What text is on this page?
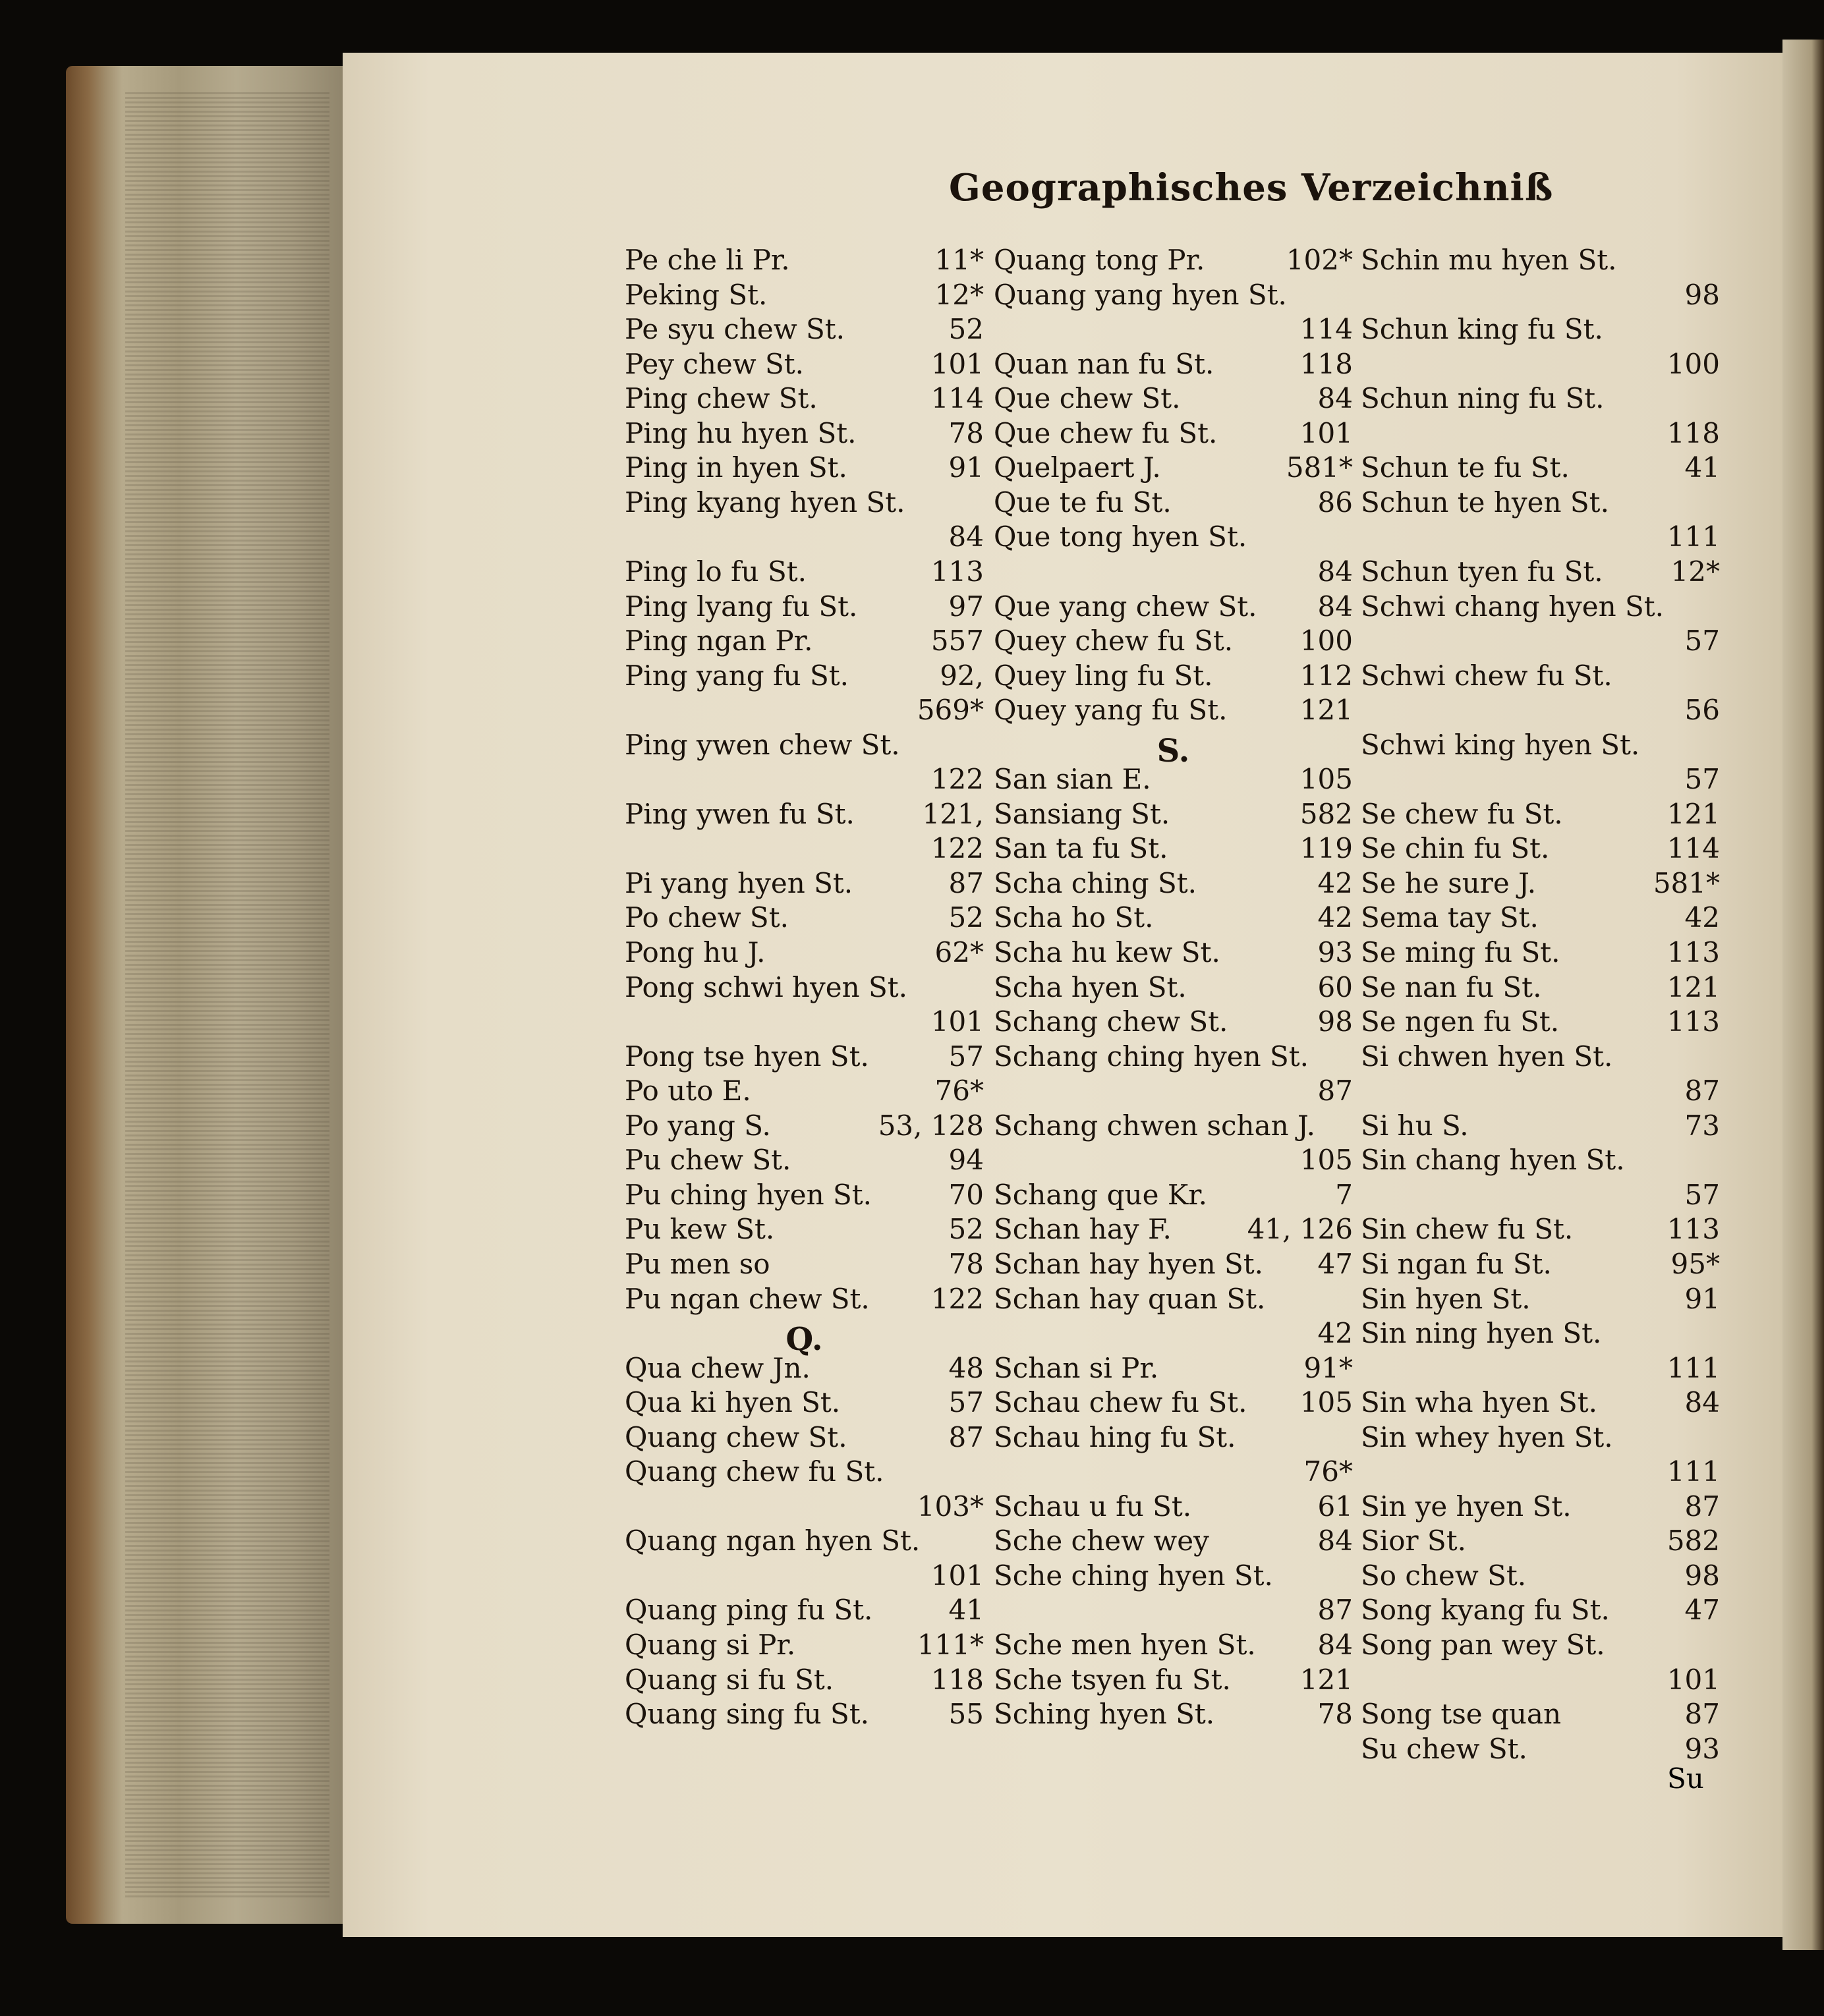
Geographisches Verzeichniß
Pe che li Pr.	11*
Peking St.	12*
Pe syu chew St.	52
Pey chew St.	101
Ping chew St.	114
Ping hu hyen St.	78
Ping in hyen St.	91
Ping kyang hyen St.
84
Ping lo fu St.	113
Ping lyang fu St.	97
Ping ngan Pr.	557
Ping yang fu St.	92,
569*
Ping ywen chew St.
122
Ping ywen fu St. 121,
122
Pi yang hyen St.	87
Po chew St.	52
Pong hu J.	62*
Pong schwi hyen St.
101
Pong tse hyen St.	57
Po uto E.	76*
Po yang S.	53, 128
Pu chew St.	94
Pu ching hyen St.	70
Pu kew St.	52
Pu men so	78
Pu ngan chew St. 122
Q.
Qua chew Jn.	48
Qua ki hyen St.	57
Quang chew St.	87
Quang chew fu St.
103*
Quang ngan hyen St.
101
Quang ping fu St.	41
Quang si Pr.	111*
Quang si fu St.	118
Quang sing fu St.	55
Quang tong Pr.	102*
Quang yang hyen St.
114
Quan nan fu St.	118
Que chew St.	84
Que chew fu St.	101
Quelpaert J.	581*
Que te fu St.	86
Que tong hyen St.
84
Que yang chew St. 84
Quey chew fu St. 100
Quey ling fu St.	112
Quey yang fu St.	121
S.
San sian E.	105
Sansiang St.	582
San ta fu St.	119
Scha ching St.	42
Scha ho St.	42
Scha hu kew St.	93
Scha hyen St.	60
Schang chew St.	98
Schang ching hyen St.
87
Schang chwen schan J.
105
Schang que Kr.	7
Schan hay F.	41, 126
Schan hay hyen St. 47
Schan hay quan St.
42
Schan si Pr.	91*
Schau chew fu St. 105
Schau hing fu St.
76*
Schau u fu St.	61
Sche chew wey	84
Sche ching hyen St.
87
Sche men hyen St. 84
Sche tsyen fu St. 121
Sching hyen St.	78
Schin mu hyen St.
98
Schun king fu St.
100
Schun ning fu St.
118
Schun te fu St.	41
Schun te hyen St.
111
Schun tyen fu St. 12*
Schwi chang hyen St.
57
Schwi chew fu St.
56
Schwi king hyen St.
57
Se chew fu St.	121
Se chin fu St.	114
Se he sure J.	581*
Sema tay St.	42
Se ming fu St.	113
Se nan fu St.	121
Se ngen fu St.	113
Si chwen hyen St.
87
Si hu S.	73
Sin chang hyen St.
57
Sin chew fu St.	113
Si ngan fu St.	95*
Sin hyen St.	91
Sin ning hyen St.
111
Sin wha hyen St.	84
Sin whey hyen St.
111
Sin ye hyen St.	87
Sior St.	582
So chew St.	98
Song kyang fu St.	47
Song pan wey St.
101
Song tse quan	87
Su chew St.	93
Su
